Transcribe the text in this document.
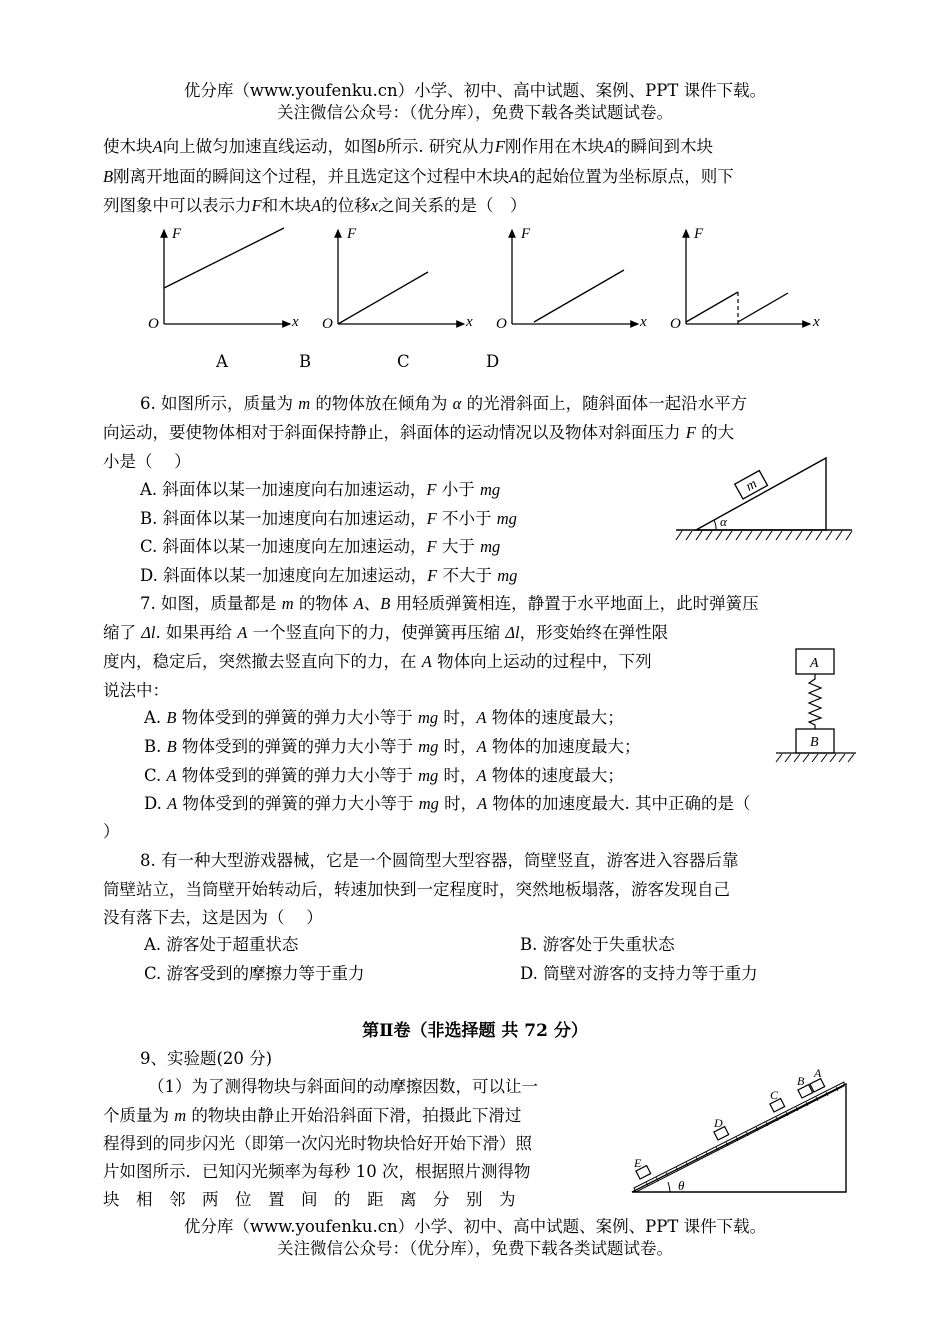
优分库（www.youfenku.cn）小学、初中、高中试题、案例、PPT 课件下载。
关注微信公众号：（优分库），免费下载各类试题试卷。
使木块A向上做匀加速直线运动，如图b所示. 研究从力F刚作用在木块A的瞬间到木块
B刚离开地面的瞬间这个过程，并且选定这个过程中木块A的起始位置为坐标原点，则下
列图象中可以表示力F和木块A的位移x之间关系的是（　）
F
x
O
F
x
O
F
x
O
F
x
O
A	B	C	D
6. 如图所示，质量为 m 的物体放在倾角为 α 的光滑斜面上，随斜面体一起沿水平方
向运动，要使物体相对于斜面保持静止，斜面体的运动情况以及物体对斜面压力 F 的大
小是（　 ）
A. 斜面体以某一加速度向右加速运动，F 小于 mg
B. 斜面体以某一加速度向右加速运动，F 不小于 mg
C. 斜面体以某一加速度向左加速运动，F 大于 mg
D. 斜面体以某一加速度向左加速运动，F 不大于 mg
m
α
7. 如图，质量都是 m 的物体 A、B 用轻质弹簧相连，静置于水平地面上，此时弹簧压
缩了 Δl. 如果再给 A 一个竖直向下的力，使弹簧再压缩 Δl，形变始终在弹性限
度内，稳定后，突然撤去竖直向下的力，在 A 物体向上运动的过程中，下列
说法中：
A. B 物体受到的弹簧的弹力大小等于 mg 时，A 物体的速度最大；
B. B 物体受到的弹簧的弹力大小等于 mg 时，A 物体的加速度最大；
C. A 物体受到的弹簧的弹力大小等于 mg 时，A 物体的速度最大；
D. A 物体受到的弹簧的弹力大小等于 mg 时，A 物体的加速度最大. 其中正确的是（
）
A
B
8. 有一种大型游戏器械，它是一个圆筒型大型容器，筒壁竖直，游客进入容器后靠
筒壁站立，当筒壁开始转动后，转速加快到一定程度时，突然地板塌落，游客发现自己
没有落下去，这是因为（　 ）
A. 游客处于超重状态	B. 游客处于失重状态
C. 游客受到的摩擦力等于重力	D. 筒壁对游客的支持力等于重力
第Ⅱ卷（非选择题 共 72 分）
9、实验题(20 分)
（1）为了测得物块与斜面间的动摩擦因数，可以让一
个质量为 m 的物块由静止开始沿斜面下滑，拍摄此下滑过
程得到的同步闪光（即第一次闪光时物块恰好开始下滑）照
片如图所示．已知闪光频率为每秒 10 次，根据照片测得物
块　相　邻　两　位　置　间　的　距　离　分　别　为
A
B
C
D
E
θ
优分库（www.youfenku.cn）小学、初中、高中试题、案例、PPT 课件下载。
关注微信公众号：（优分库），免费下载各类试题试卷。
